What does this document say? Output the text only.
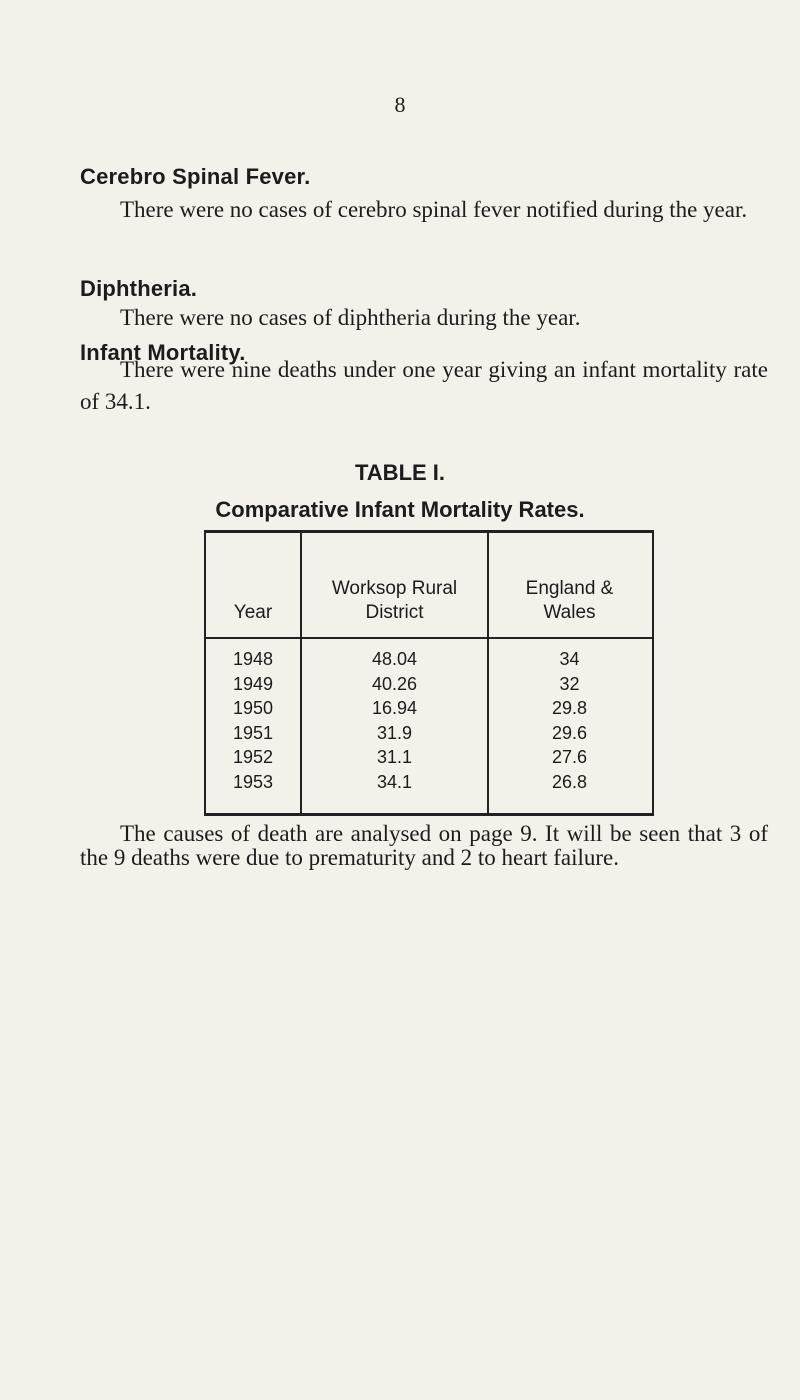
8
Cerebro Spinal Fever.
There were no cases of cerebro spinal fever notified during the year.
Diphtheria.
There were no cases of diphtheria during the year.
Infant Mortality.
There were nine deaths under one year giving an infant mortality rate of 34.1.
TABLE I.
Comparative Infant Mortality Rates.
Year
Worksop Rural
District
England &
Wales
1948
1949
1950
1951
1952
1953
48.04
40.26
16.94
31.9
31.1
34.1
34
32
29.8
29.6
27.6
26.8
The causes of death are analysed on page 9. It will be seen that 3 of the 9 deaths were due to prematurity and 2 to heart failure.
